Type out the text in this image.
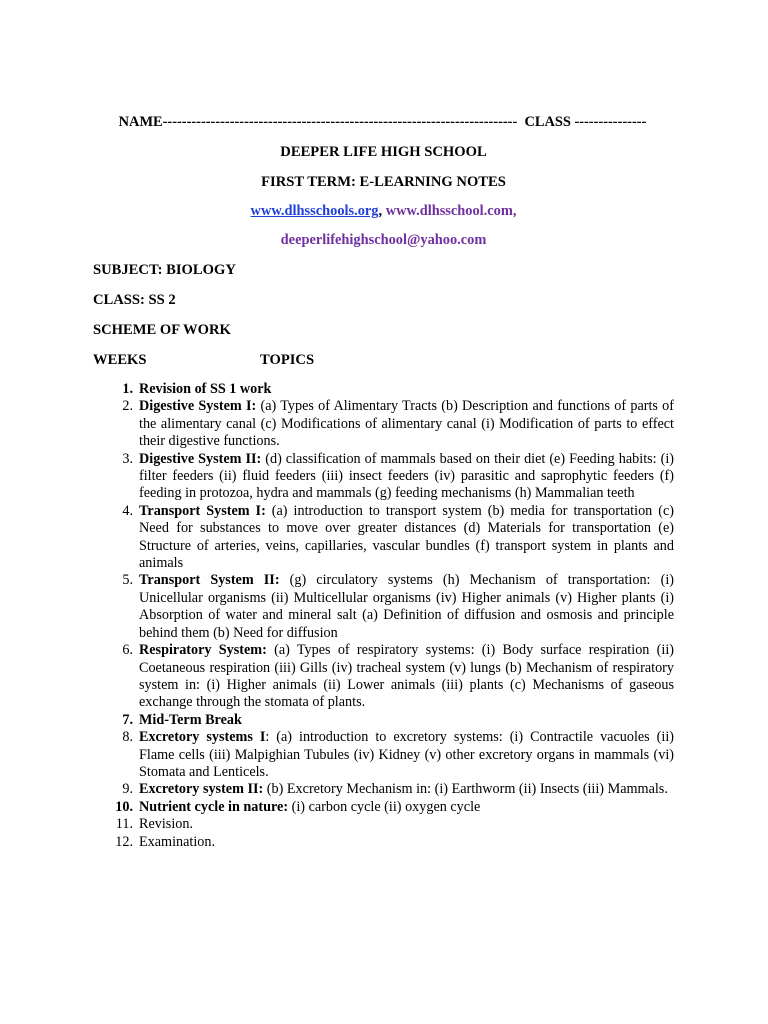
NAME-------------------------------------------------------------------------- CLASS ---------------
DEEPER LIFE HIGH SCHOOL
FIRST TERM: E-LEARNING NOTES
www.dlhsschools.org, www.dlhsschool.com,
deeperlifehighschool@yahoo.com
SUBJECT: BIOLOGY
CLASS: SS 2
SCHEME OF WORK
WEEKS	TOPICS
1. Revision of SS 1 work
2. Digestive System I: (a) Types of Alimentary Tracts (b) Description and functions of parts of the alimentary canal (c) Modifications of alimentary canal (i) Modification of parts to effect their digestive functions.
3. Digestive System II: (d) classification of mammals based on their diet (e) Feeding habits: (i) filter feeders (ii) fluid feeders (iii) insect feeders (iv) parasitic and saprophytic feeders (f) feeding in protozoa, hydra and mammals (g) feeding mechanisms (h) Mammalian teeth
4. Transport System I: (a) introduction to transport system (b) media for transportation (c) Need for substances to move over greater distances (d) Materials for transportation (e) Structure of arteries, veins, capillaries, vascular bundles (f) transport system in plants and animals
5. Transport System II: (g) circulatory systems (h) Mechanism of transportation: (i) Unicellular organisms (ii) Multicellular organisms (iv) Higher animals (v) Higher plants (i) Absorption of water and mineral salt (a) Definition of diffusion and osmosis and principle behind them (b) Need for diffusion
6. Respiratory System: (a) Types of respiratory systems: (i) Body surface respiration (ii) Coetaneous respiration (iii) Gills (iv) tracheal system (v) lungs (b) Mechanism of respiratory system in: (i) Higher animals (ii) Lower animals (iii) plants (c) Mechanisms of gaseous exchange through the stomata of plants.
7. Mid-Term Break
8. Excretory systems I: (a) introduction to excretory systems: (i) Contractile vacuoles (ii) Flame cells (iii) Malpighian Tubules (iv) Kidney (v) other excretory organs in mammals (vi) Stomata and Lenticels.
9. Excretory system II: (b) Excretory Mechanism in: (i) Earthworm (ii) Insects (iii) Mammals.
10. Nutrient cycle in nature: (i) carbon cycle (ii) oxygen cycle
11. Revision.
12. Examination.
